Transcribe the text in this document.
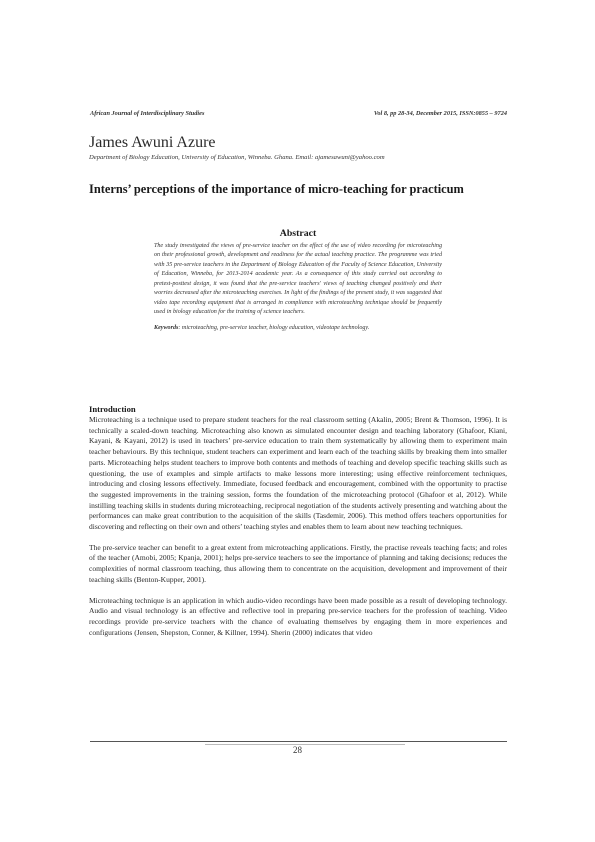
African Journal of Interdisciplinary Studies	Vol 8, pp 28-34, December 2015, ISSN:0855 – 9724
James Awuni Azure
Department of Biology Education, University of Education, Winneba. Ghana. Email: ajamesawuni@yahoo.com
Interns’ perceptions of the importance of micro-teaching for practicum
Abstract

The study investigated the views of pre-service teacher on the effect of the use of video recording for microteaching on their professional growth, development and readiness for the actual teaching practice. The programme was tried with 35 pre-service teachers in the Department of Biology Education of the Faculty of Science Education, University of Education, Winneba, for 2013-2014 academic year. As a consequence of this study carried out according to pretest-posttest design, it was found that the pre-service teachers' views of teaching changed positively and their worries decreased after the microteaching exercises. In light of the findings of the present study, it was suggested that video tape recording equipment that is arranged in compliance with microteaching technique should be frequently used in biology education for the training of science teachers.

Keywords: microteaching, pre-service teacher, biology education, videotape technology.
Introduction

Microteaching is a technique used to prepare student teachers for the real classroom setting (Akalin, 2005; Brent & Thomson, 1996). It is technically a scaled-down teaching. Microteaching also known as simulated encounter design and teaching laboratory (Ghafoor, Kiani, Kayani, & Kayani, 2012) is used in teachers’ pre-service education to train them systematically by allowing them to experiment main teacher behaviours. By this technique, student teachers can experiment and learn each of the teaching skills by breaking them into smaller parts. Microteaching helps student teachers to improve both contents and methods of teaching and develop specific teaching skills such as questioning, the use of examples and simple artifacts to make lessons more interesting; using effective reinforcement techniques, introducing and closing lessons effectively. Immediate, focused feedback and encouragement, combined with the opportunity to practise the suggested improvements in the training session, forms the foundation of the microteaching protocol (Ghafoor et al, 2012). While instilling teaching skills in students during microteaching, reciprocal negotiation of the students actively presenting and watching about the performances can make great contribution to the acquisition of the skills (Tasdemir, 2006). This method offers teachers opportunities for discovering and reflecting on their own and others’ teaching styles and enables them to learn about new teaching techniques.

The pre-service teacher can benefit to a great extent from microteaching applications. Firstly, the practise reveals teaching facts; and roles of the teacher (Amobi, 2005; Kpanja, 2001); helps pre-service teachers to see the importance of planning and taking decisions; reduces the complexities of normal classroom teaching, thus allowing them to concentrate on the acquisition, development and improvement of their teaching skills (Benton-Kupper, 2001).

Microteaching technique is an application in which audio-video recordings have been made possible as a result of developing technology. Audio and visual technology is an effective and reflective tool in preparing pre-service teachers for the profession of teaching. Video recordings provide pre-service teachers with the chance of evaluating themselves by engaging them in more experiences and configurations (Jensen, Shepston, Conner, & Killner, 1994). Sherin (2000) indicates that video

28
